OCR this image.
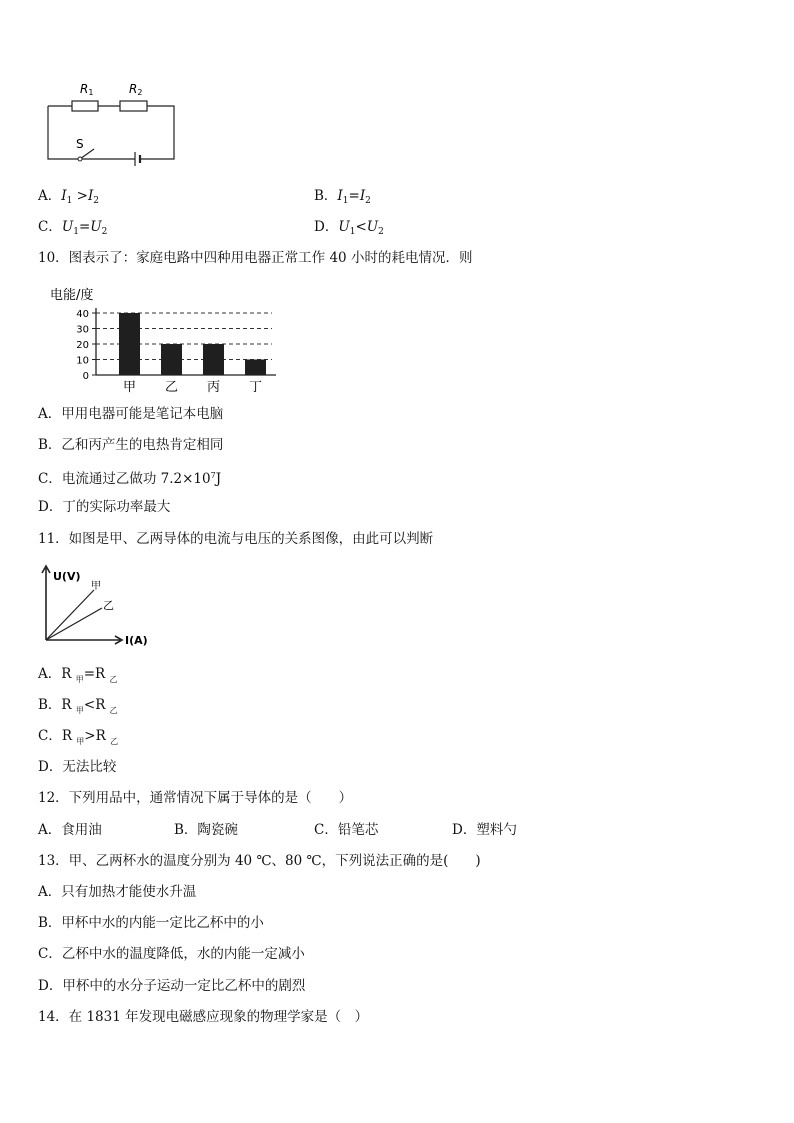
R1	R2
S
A．$I_1 >I_2$	B．$I_1=I_2$
C．$U_1=U_2$	D．$U_1<U_2$
10．图表示了：家庭电路中四种用电器正常工作 40 小时的耗电情况．则
电能/度
40
30
20
10
0
甲 乙 丙 丁
A．甲用电器可能是笔记本电脑
B．乙和丙产生的电热肯定相同
C．电流通过乙做功 $7.2\times 10^7J$
D．丁的实际功率最大
11．如图是甲、乙两导体的电流与电压的关系图像，由此可以判断
U(V)
I(A)
甲
乙
A．R $_甲$=R $_乙$
B．R $_甲$<R $_乙$
C．R $_甲$>R $_乙$
D．无法比较
12．下列用品中，通常情况下属于导体的是（　　）
A．食用油	B．陶瓷碗	C．铅笔芯	D．塑料勺
13．甲、乙两杯水的温度分别为 40 ℃、80 ℃，下列说法正确的是(　　)
A．只有加热才能使水升温
B．甲杯中水的内能一定比乙杯中的小
C．乙杯中水的温度降低，水的内能一定减小
D．甲杯中的水分子运动一定比乙杯中的剧烈
14．在 1831 年发现电磁感应现象的物理学家是（　）
